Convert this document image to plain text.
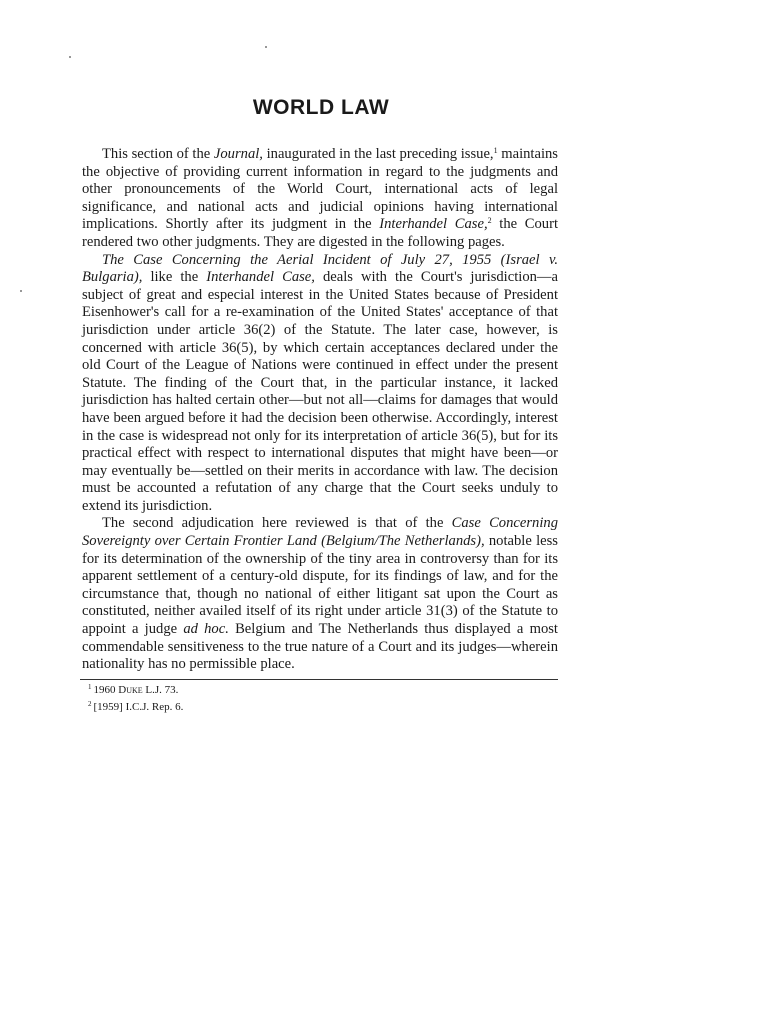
WORLD LAW

This section of the Journal, inaugurated in the last preceding issue,$^1$ maintains the objective of providing current information in regard to the judgments and other pronouncements of the World Court, international acts of legal significance, and national acts and judicial opinions having international implications. Shortly after its judgment in the Interhandel Case,$^2$ the Court rendered two other judgments. They are digested in the following pages.

The Case Concerning the Aerial Incident of July 27, 1955 (Israel v. Bulgaria), like the Interhandel Case, deals with the Court's jurisdiction—a subject of great and especial interest in the United States because of President Eisenhower's call for a re-examination of the United States' acceptance of that jurisdiction under article 36(2) of the Statute. The later case, however, is concerned with article 36(5), by which certain acceptances declared under the old Court of the League of Nations were continued in effect under the present Statute. The finding of the Court that, in the particular instance, it lacked jurisdiction has halted certain other—but not all—claims for damages that would have been argued before it had the decision been otherwise. Accordingly, interest in the case is widespread not only for its interpretation of article 36(5), but for its practical effect with respect to international disputes that might have been—or may eventually be—settled on their merits in accordance with law. The decision must be accounted a refutation of any charge that the Court seeks unduly to extend its jurisdiction.

The second adjudication here reviewed is that of the Case Concerning Sovereignty over Certain Frontier Land (Belgium/The Netherlands), notable less for its determination of the ownership of the tiny area in controversy than for its apparent settlement of a century-old dispute, for its findings of law, and for the circumstance that, though no national of either litigant sat upon the Court as constituted, neither availed itself of its right under article 31(3) of the Statute to appoint a judge ad hoc. Belgium and The Netherlands thus displayed a most commendable sensitiveness to the true nature of a Court and its judges—wherein nationality has no permissible place.

$^1$ 1960 Duke L.J. 73.

$^2$ [1959] I.C.J. Rep. 6.
